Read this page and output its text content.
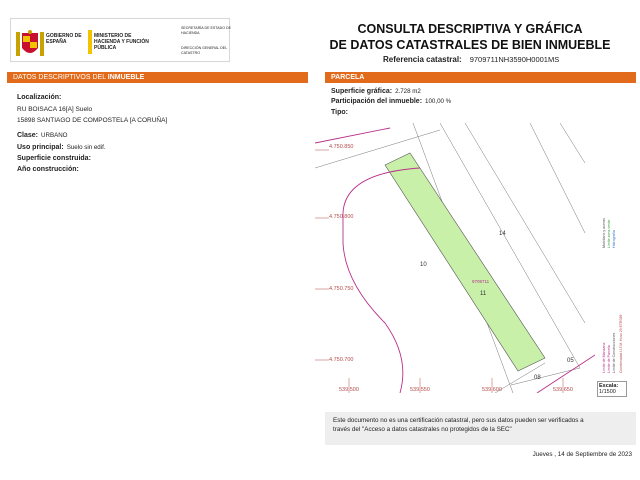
GOBIERNO DE ESPAÑA
MINISTERIO DE HACIENDA Y FUNCIÓN PÚBLICA
SECRETARÍA DE ESTADO DE HACIENDA
DIRECCIÓN GENERAL DEL CATASTRO
CONSULTA DESCRIPTIVA Y GRÁFICA
DE DATOS CATASTRALES DE BIEN INMUEBLE
Referencia catastral: 9709711NH3590H0001MS
DATOS DESCRIPTIVOS DEL INMUEBLE	PARCELA
Localización:
RU BOISACA 16[A] Suelo
15898 SANTIAGO DE COMPOSTELA [A CORUÑA]
Clase: URBANO
Uso principal: Suelo sin edif.
Superficie construida:
Año construcción:
Superficie gráfica: 2.728 m2
Participación del inmueble: 100,00 %
Tipo:
4.750.850
4.750.800
4.750.750
4.750.700
539.500	539.550	539.600	539.650
14
10
11
05
08
9709711
Limite de Manzana Limite de Parcela Limite de Construcciones
Mobiliario y aceras Limite zona verde Hidrografía
Coordenadas U.T.M. Huso 29 ETRS89
Escala:
1/1500
Este documento no es una certificación catastral, pero sus datos pueden ser verificados a
través del "Acceso a datos catastrales no protegidos de la SEC"
Jueves , 14 de Septiembre de 2023
